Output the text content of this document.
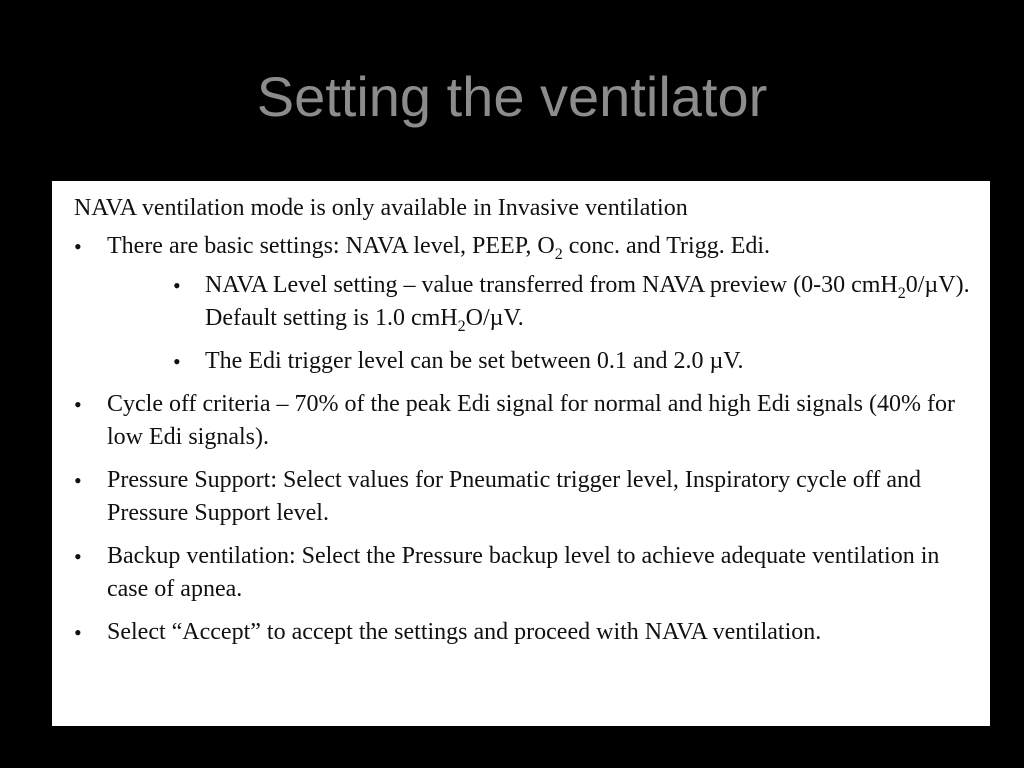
Setting the ventilator

NAVA ventilation mode is only available in Invasive ventilation

• There are basic settings: NAVA level, PEEP, $O_2$ conc. and Trigg. Edi.
• NAVA Level setting – value transferred from NAVA preview (0-30 cmH$_2$0/µV). Default setting is 1.0 cmH$_2$O/µV.
• The Edi trigger level can be set between 0.1 and 2.0 µV.
• Cycle off criteria – 70% of the peak Edi signal for normal and high Edi signals (40% for low Edi signals).
• Pressure Support: Select values for Pneumatic trigger level, Inspiratory cycle off and Pressure Support level.
• Backup ventilation: Select the Pressure backup level to achieve adequate ventilation in case of apnea.
• Select “Accept” to accept the settings and proceed with NAVA ventilation.
